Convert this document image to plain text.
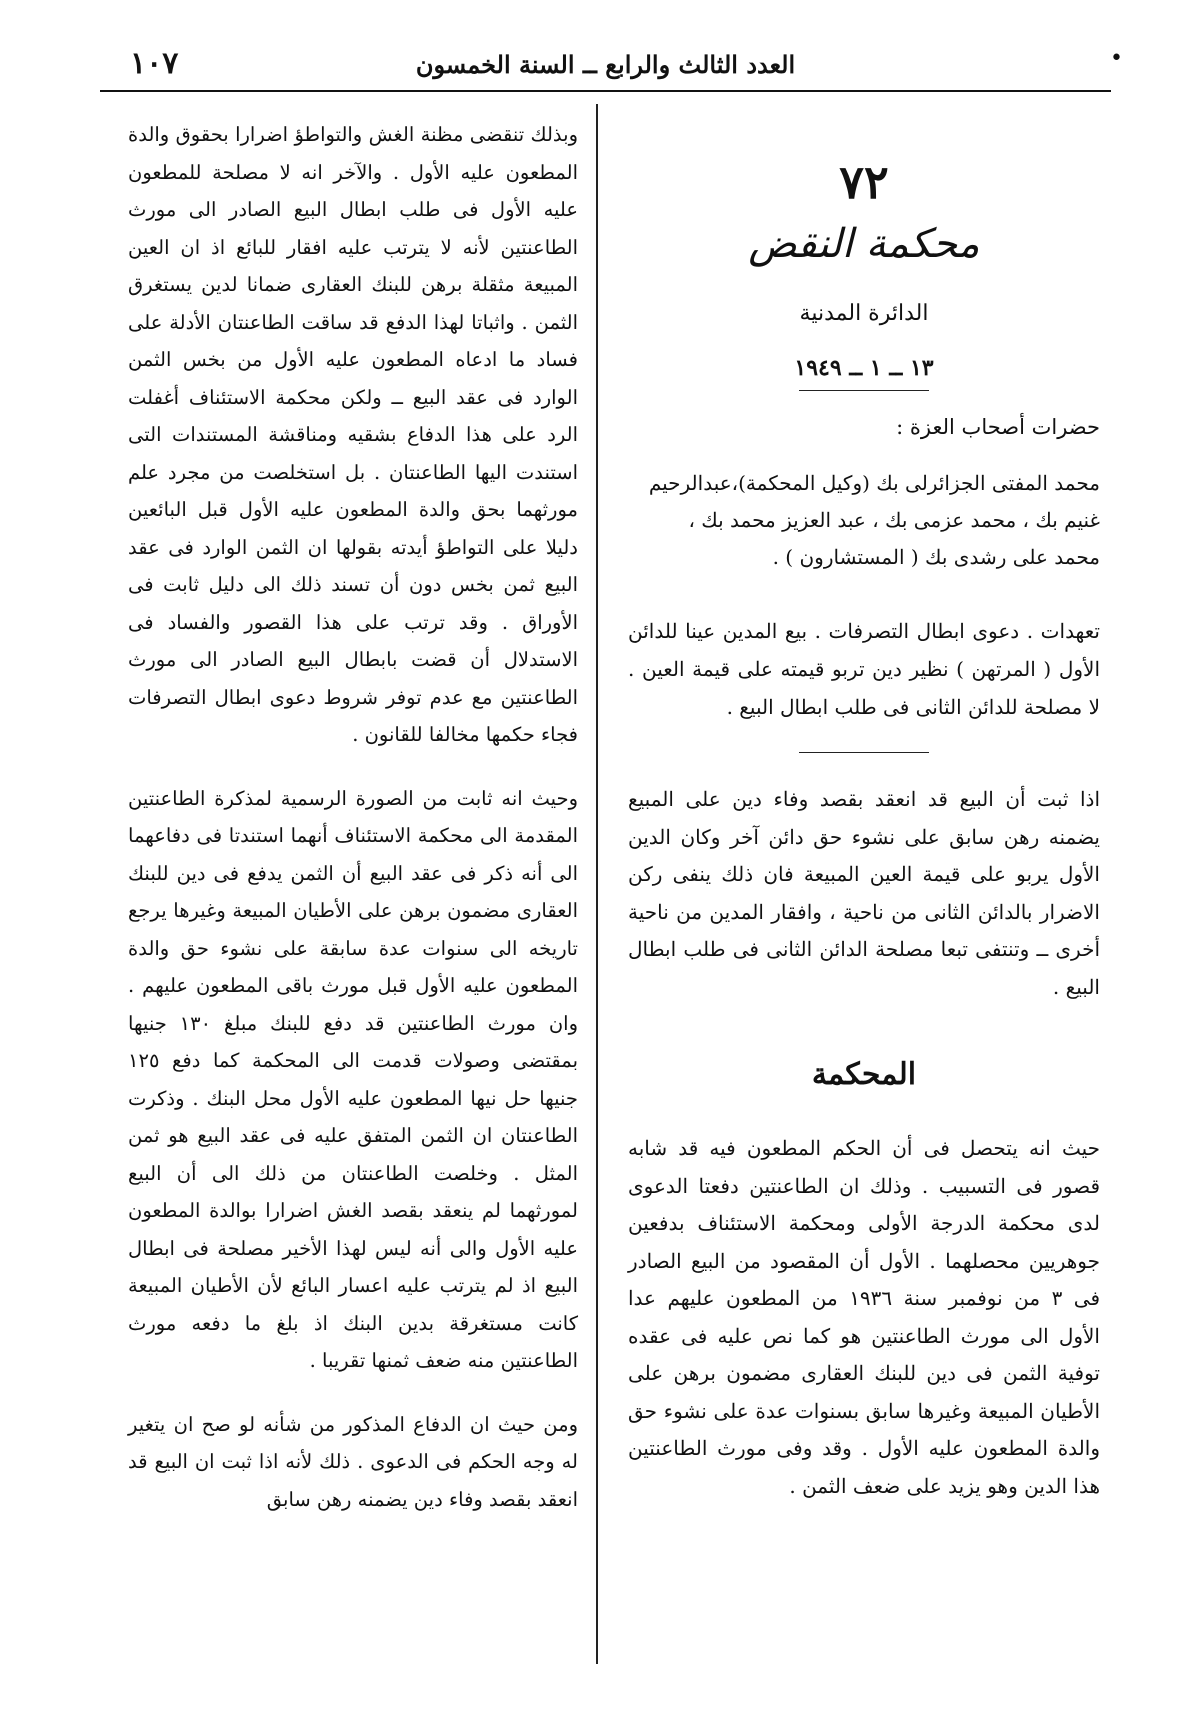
١٠٧	العدد الثالث والرابع ــ السنة الخمسون	•
٧٢
محكمة النقض
الدائرة المدنية
١٣ ــ ١ ــ ١٩٤٩
حضرات أصحاب العزة :
محمد المفتى الجزائرلى بك (وكيل المحكمة)،عبدالرحيم
غنيم بك ، محمد عزمى بك ، عبد العزيز محمد بك ،
محمد على رشدى بك ( المستشارون ) .
تعهدات . دعوى ابطال التصرفات . بيع المدين عينا للدائن الأول ( المرتهن ) نظير دين تربو قيمته على قيمة العين . لا مصلحة للدائن الثانى فى طلب ابطال البيع .
اذا ثبت أن البيع قد انعقد بقصد وفاء دين على المبيع يضمنه رهن سابق على نشوء حق دائن آخر وكان الدين الأول يربو على قيمة العين المبيعة فان ذلك ينفى ركن الاضرار بالدائن الثانى من ناحية ، وافقار المدين من ناحية أخرى ــ وتنتفى تبعا مصلحة الدائن الثانى فى طلب ابطال البيع .
المحكمة
حيث انه يتحصل فى أن الحكم المطعون فيه قد شابه قصور فى التسبيب . وذلك ان الطاعنتين دفعتا الدعوى لدى محكمة الدرجة الأولى ومحكمة الاستئناف بدفعين جوهريين محصلهما . الأول أن المقصود من البيع الصادر فى ٣ من نوفمبر سنة ١٩٣٦ من المطعون عليهم عدا الأول الى مورث الطاعنتين هو كما نص عليه فى عقده توفية الثمن فى دين للبنك العقارى مضمون برهن على الأطيان المبيعة وغيرها سابق بسنوات عدة على نشوء حق والدة المطعون عليه الأول . وقد وفى مورث الطاعنتين هذا الدين وهو يزيد على ضعف الثمن .
وبذلك تنقضى مظنة الغش والتواطؤ اضرارا بحقوق والدة المطعون عليه الأول . والآخر انه لا مصلحة للمطعون عليه الأول فى طلب ابطال البيع الصادر الى مورث الطاعنتين لأنه لا يترتب عليه افقار للبائع اذ ان العين المبيعة مثقلة برهن للبنك العقارى ضمانا لدين يستغرق الثمن . واثباتا لهذا الدفع قد ساقت الطاعنتان الأدلة على فساد ما ادعاه المطعون عليه الأول من بخس الثمن الوارد فى عقد البيع ــ ولكن محكمة الاستئناف أغفلت الرد على هذا الدفاع بشقيه ومناقشة المستندات التى استندت اليها الطاعنتان . بل استخلصت من مجرد علم مورثهما بحق والدة المطعون عليه الأول قبل البائعين دليلا على التواطؤ أيدته بقولها ان الثمن الوارد فى عقد البيع ثمن بخس دون أن تسند ذلك الى دليل ثابت فى الأوراق . وقد ترتب على هذا القصور والفساد فى الاستدلال أن قضت بابطال البيع الصادر الى مورث الطاعنتين مع عدم توفر شروط دعوى ابطال التصرفات فجاء حكمها مخالفا للقانون .
وحيث انه ثابت من الصورة الرسمية لمذكرة الطاعنتين المقدمة الى محكمة الاستئناف أنهما استندتا فى دفاعهما الى أنه ذكر فى عقد البيع أن الثمن يدفع فى دين للبنك العقارى مضمون برهن على الأطيان المبيعة وغيرها يرجع تاريخه الى سنوات عدة سابقة على نشوء حق والدة المطعون عليه الأول قبل مورث باقى المطعون عليهم . وان مورث الطاعنتين قد دفع للبنك مبلغ ١٣٠ جنيها بمقتضى وصولات قدمت الى المحكمة كما دفع ١٢٥ جنيها حل نيها المطعون عليه الأول محل البنك . وذكرت الطاعنتان ان الثمن المتفق عليه فى عقد البيع هو ثمن المثل . وخلصت الطاعنتان من ذلك الى أن البيع لمورثهما لم ينعقد بقصد الغش اضرارا بوالدة المطعون عليه الأول والى أنه ليس لهذا الأخير مصلحة فى ابطال البيع اذ لم يترتب عليه اعسار البائع لأن الأطيان المبيعة كانت مستغرقة بدين البنك اذ بلغ ما دفعه مورث الطاعنتين منه ضعف ثمنها تقريبا .
ومن حيث ان الدفاع المذكور من شأنه لو صح ان يتغير له وجه الحكم فى الدعوى . ذلك لأنه اذا ثبت ان البيع قد انعقد بقصد وفاء دين يضمنه رهن سابق
